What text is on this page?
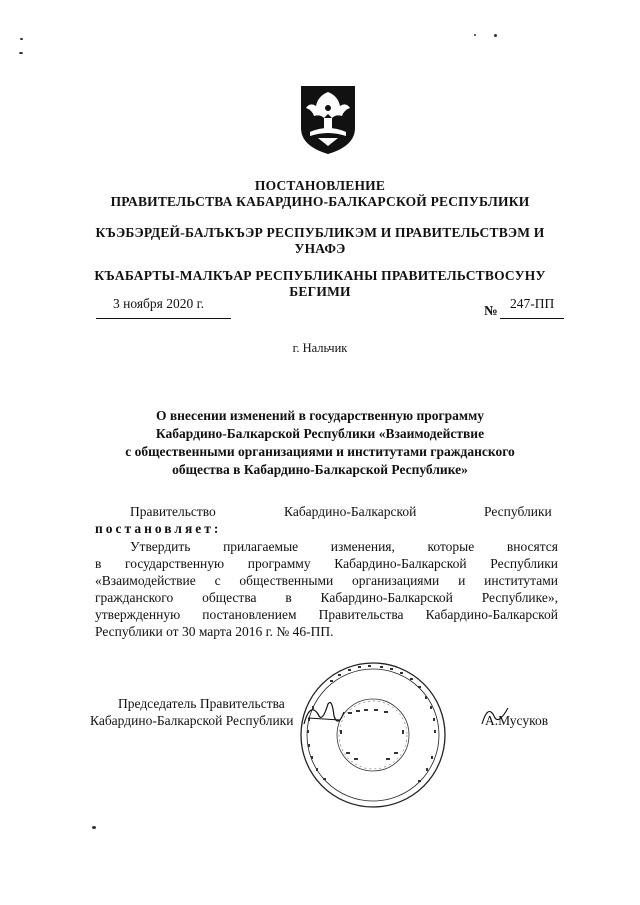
ПОСТАНОВЛЕНИЕ
ПРАВИТЕЛЬСТВА КАБАРДИНО-БАЛКАРСКОЙ РЕСПУБЛИКИ
КЪЭБЭРДЕЙ-БАЛЪКЪЭР РЕСПУБЛИКЭМ И ПРАВИТЕЛЬСТВЭМ И
УНАФЭ
КЪАБАРТЫ-МАЛКЪАР РЕСПУБЛИКАНЫ ПРАВИТЕЛЬСТВОСУНУ
БЕГИМИ
3 ноября 2020 г.	№ 247-ПП
г. Нальчик
О внесении изменений в государственную программу
Кабардино-Балкарской Республики «Взаимодействие
с общественными организациями и институтами гражданского
общества в Кабардино-Балкарской Республике»
Правительство	Кабардино-Балкарской	Республики
постановляет:
Утвердить прилагаемые изменения, которые вносятся
в государственную программу Кабардино-Балкарской Республики
«Взаимодействие с общественными организациями и институтами
гражданского общества в Кабардино-Балкарской Республике»,
утвержденную постановлением Правительства Кабардино-Балкарской
Республики от 30 марта 2016 г. № 46-ПП.
Председатель Правительства
Кабардино-Балкарской Республики	А.Мусуков
